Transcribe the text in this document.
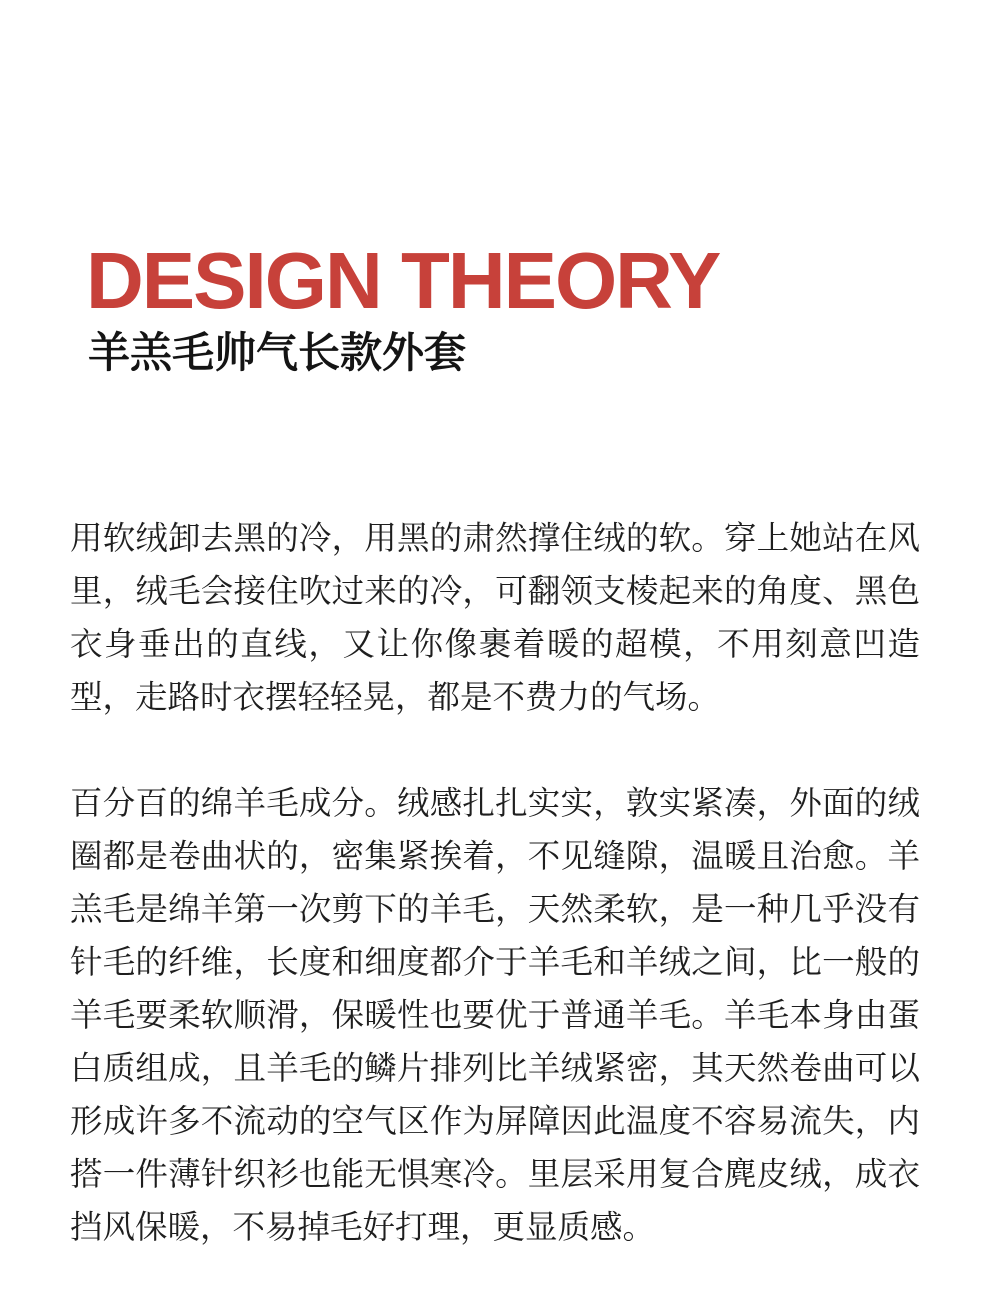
DESIGN THEORY
羊羔毛帅气长款外套

用软绒卸去黑的冷，用黑的肃然撑住绒的软。穿上她站在风里，绒毛会接住吹过来的冷，可翻领支棱起来的角度、黑色衣身垂出的直线，又让你像裹着暖的超模，不用刻意凹造型，走路时衣摆轻轻晃，都是不费力的气场。

百分百的绵羊毛成分。绒感扎扎实实，敦实紧凑，外面的绒圈都是卷曲状的，密集紧挨着，不见缝隙，温暖且治愈。羊羔毛是绵羊第一次剪下的羊毛，天然柔软，是一种几乎没有针毛的纤维，长度和细度都介于羊毛和羊绒之间，比一般的羊毛要柔软顺滑，保暖性也要优于普通羊毛。羊毛本身由蛋白质组成，且羊毛的鳞片排列比羊绒紧密，其天然卷曲可以形成许多不流动的空气区作为屏障因此温度不容易流失，内搭一件薄针织衫也能无惧寒冷。里层采用复合麂皮绒，成衣挡风保暖，不易掉毛好打理，更显质感。
